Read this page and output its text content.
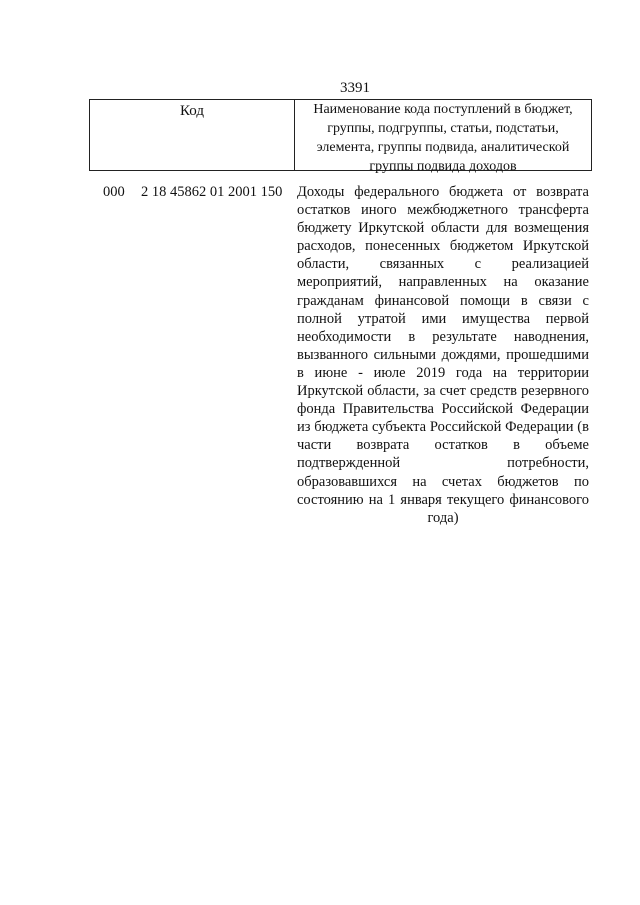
3391
Код	Наименование кода поступлений в бюджет, группы, подгруппы, статьи, подстатьи, элемента, группы подвида, аналитической группы подвида доходов
000	2 18 45862 01 2001 150	Доходы федерального бюджета от возврата остатков иного межбюджетного трансферта бюджету Иркутской области для возмещения расходов, понесенных бюджетом Иркутской области, связанных с реализацией мероприятий, направленных на оказание гражданам финансовой помощи в связи с полной утратой ими имущества первой необходимости в результате наводнения, вызванного сильными дождями, прошедшими в июне - июле 2019 года на территории Иркутской области, за счет средств резервного фонда Правительства Российской Федерации из бюджета субъекта Российской Федерации (в части возврата остатков в объеме подтвержденной потребности, образовавшихся на счетах бюджетов по состоянию на 1 января текущего финансового года)
